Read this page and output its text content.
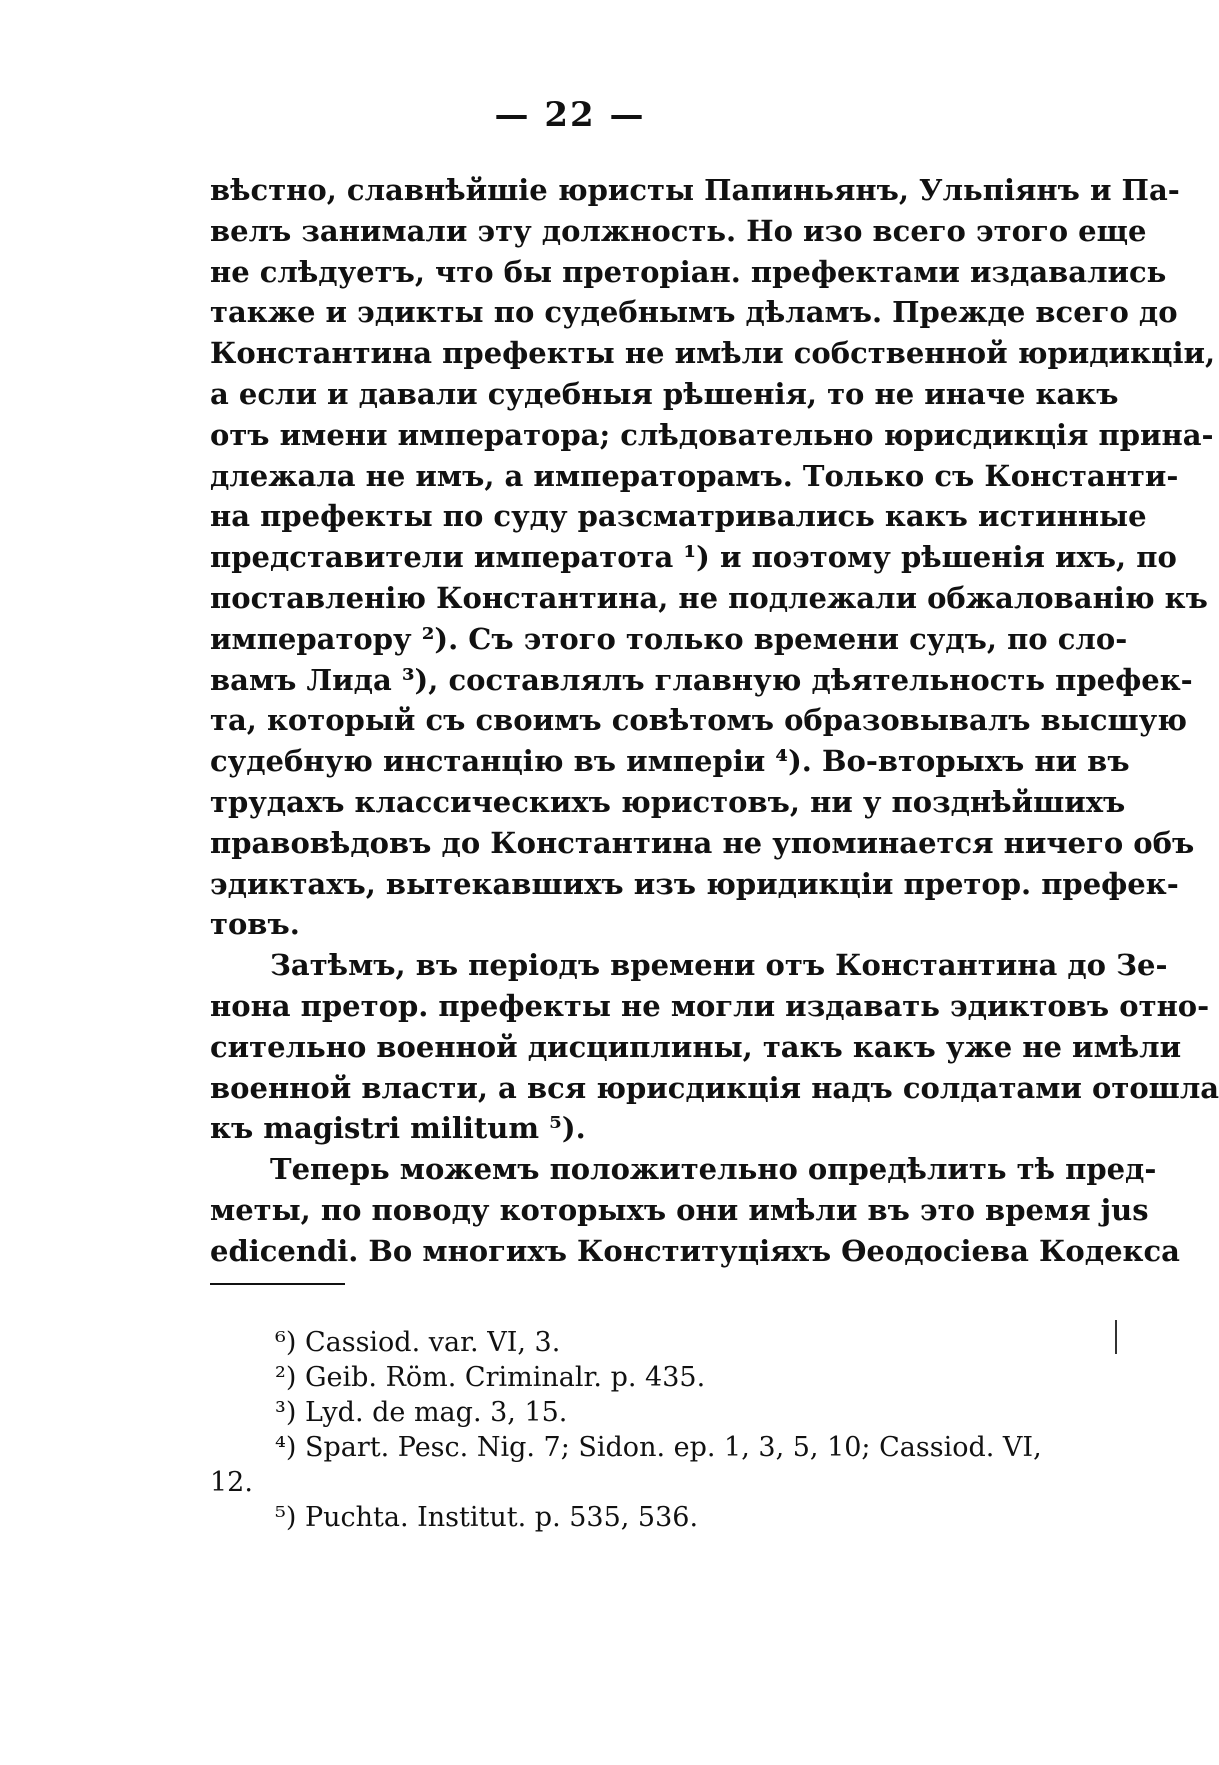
— 22 —
вѣстно, славнѣйшіе юристы Папиньянъ, Ульпіянъ и Па-
велъ занимали эту должность. Но изо всего этого еще
не слѣдуетъ, что бы преторіан. префектами издавались
также и эдикты по судебнымъ дѣламъ. Прежде всего до
Константина префекты не имѣли собственной юридикціи,
а если и давали судебныя рѣшенія, то не иначе какъ
отъ имени императора; слѣдовательно юрисдикція прина-
длежала не имъ, а императорамъ. Только съ Константи-
на префекты по суду разсматривались какъ истинные
представители императота ¹) и поэтому рѣшенія ихъ, по
поставленію Константина, не подлежали обжалованію къ
императору ²). Съ этого только времени судъ, по сло-
вамъ Лида ³), составлялъ главную дѣятельность префек-
та, который съ своимъ совѣтомъ образовывалъ высшую
судебную инстанцію въ имперіи ⁴). Во-вторыхъ ни въ
трудахъ классическихъ юристовъ, ни у позднѣйшихъ
правовѣдовъ до Константина не упоминается ничего объ
эдиктахъ, вытекавшихъ изъ юридикціи претор. префек-
товъ.
Затѣмъ, въ періодъ времени отъ Константина до Зе-
нона претор. префекты не могли издавать эдиктовъ отно-
сительно военной дисциплины, такъ какъ уже не имѣли
военной власти, а вся юрисдикція надъ солдатами отошла
къ magistri militum ⁵).
Теперь можемъ положительно опредѣлить тѣ пред-
меты, по поводу которыхъ они имѣли въ это время jus
edicendi. Во многихъ Конституціяхъ Ѳеодосіева Кодекса
⁶) Cassiod. var. VI, 3.
²) Geib. Röm. Criminalr. p. 435.
³) Lyd. de mag. 3, 15.
⁴) Spart. Pesc. Nig. 7; Sidon. ep. 1, 3, 5, 10; Cassiod. VI,
12.
⁵) Puchta. Institut. p. 535, 536.
